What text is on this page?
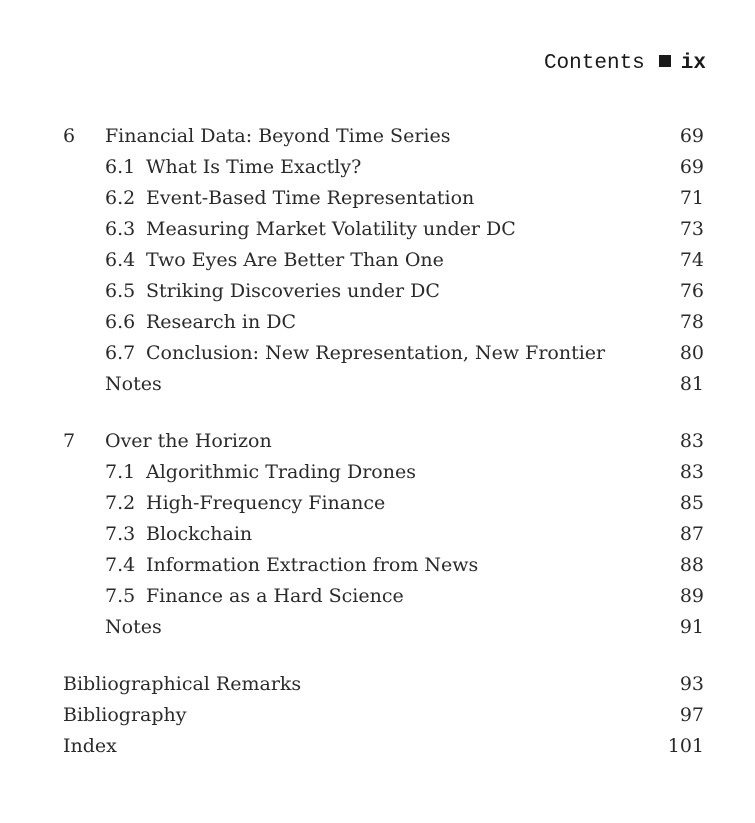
Contents ix
6 Financial Data: Beyond Time Series	69
6.1 What Is Time Exactly?	69
6.2 Event-Based Time Representation	71
6.3 Measuring Market Volatility under DC	73
6.4 Two Eyes Are Better Than One	74
6.5 Striking Discoveries under DC	76
6.6 Research in DC	78
6.7 Conclusion: New Representation, New Frontier	80
Notes	81
7 Over the Horizon	83
7.1 Algorithmic Trading Drones	83
7.2 High-Frequency Finance	85
7.3 Blockchain	87
7.4 Information Extraction from News	88
7.5 Finance as a Hard Science	89
Notes	91
Bibliographical Remarks	93
Bibliography	97
Index	101
